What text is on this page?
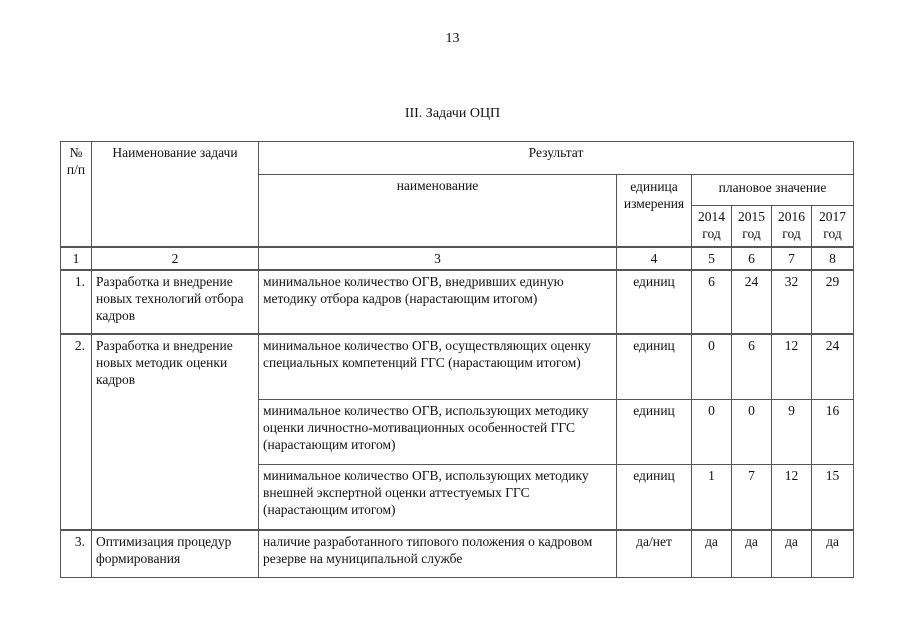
13
III. Задачи ОЦП
№ п/п	Наименование задачи	Результат					
		наименование	единица измерения	плановое значение			
				2014 год	2015 год	2016 год	2017 год
1	2	3	4	5	6	7	8
1.	Разработка и внедрение новых технологий отбора кадров	минимальное количество ОГВ, внедривших единую методику отбора кадров (нарастающим итогом)	единиц	6	24	32	29
2.	Разработка и внедрение новых методик оценки кадров	минимальное количество ОГВ, осуществляющих оценку специальных компетенций ГГС (нарастающим итогом)	единиц	0	6	12	24
		минимальное количество ОГВ, использующих методику оценки личностно-мотивационных особенностей ГГС (нарастающим итогом)	единиц	0	0	9	16
		минимальное количество ОГВ, использующих методику внешней экспертной оценки аттестуемых ГГС (нарастающим итогом)	единиц	1	7	12	15
3.	Оптимизация процедур формирования	наличие разработанного типового положения о кадровом резерве на муниципальной службе	да/нет	да	да	да	да
